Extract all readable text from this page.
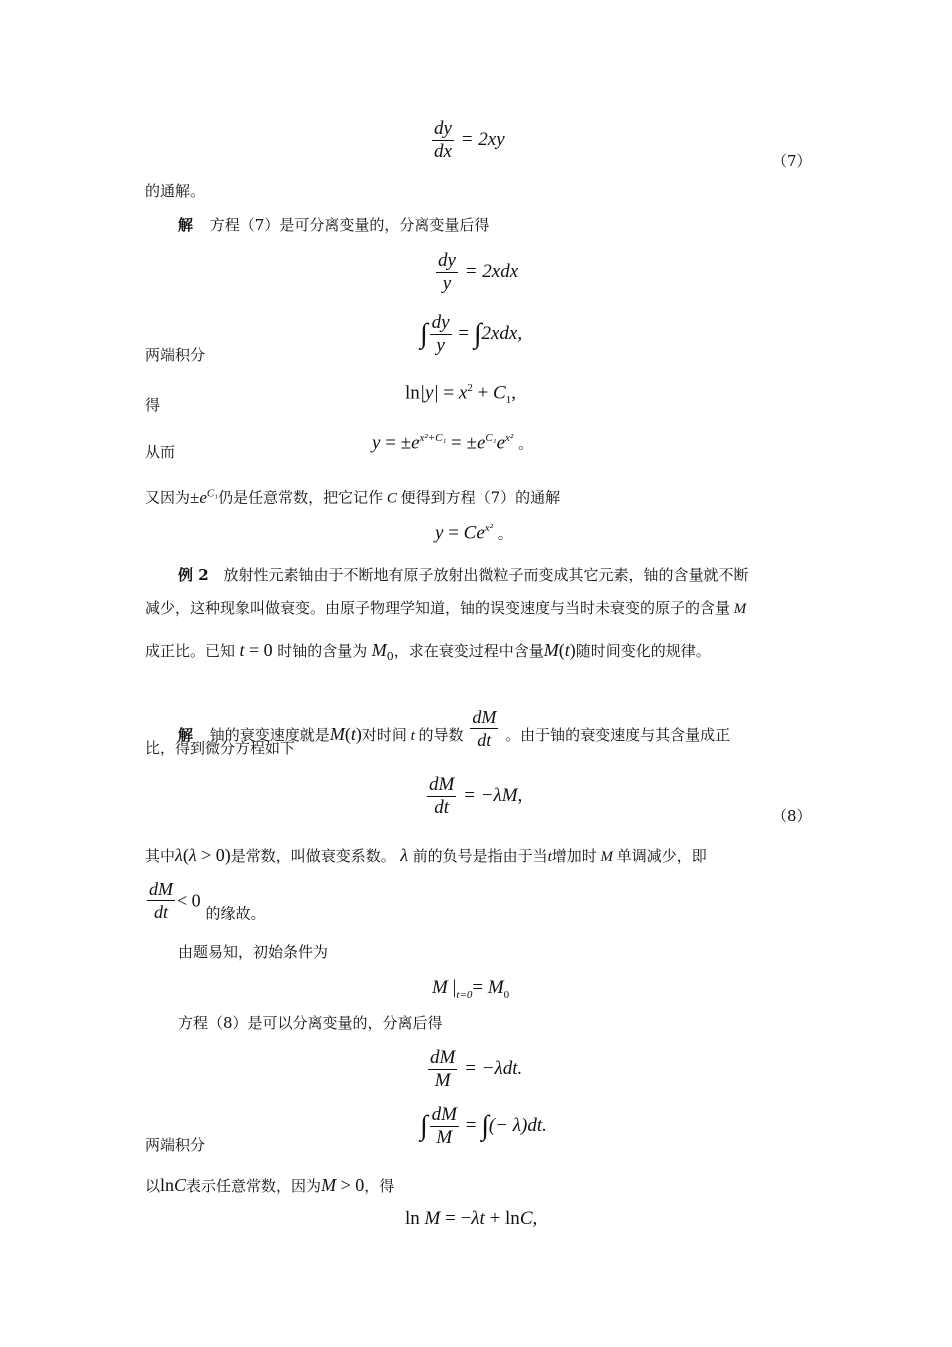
$\frac{dy}{dx} = 2xy$
（7）
的通解。
解 方程（7）是可分离变量的，分离变量后得
$\frac{dy}{y} = 2xdx$
两端积分
∫ $\frac{dy}{y} = \int 2xdx$,
得
$\ln|y| = x^2 + C_1$,
从而	$y = \pm e^{x^2+C_1} = \pm e^{C_1}e^{x^2}$ 。
又因为$\pm e^{C_1}$仍是任意常数，把它记作 C 便得到方程（7）的通解
$y = Ce^{x^2}$ 。
例 2 放射性元素铀由于不断地有原子放射出微粒子而变成其它元素，铀的含量就不断
减少，这种现象叫做衰变。由原子物理学知道，铀的误变速度与当时未衰变的原子的含量 M
成正比。已知 t = 0 时铀的含量为 $M_0$，求在衰变过程中含量M(t)随时间变化的规律。
解 铀的衰变速度就是M(t)对时间 t 的导数 $\frac{dM}{dt}$ 。由于铀的衰变速度与其含量成正
比，得到微分方程如下
$\frac{dM}{dt} = -\lambda M$,
（8）
其中λ(λ > 0)是常数，叫做衰变系数。 λ 前的负号是指由于当t增加时 M 单调减少，即
$\frac{dM}{dt} < 0$ 的缘故。
由题易知，初始条件为
M $|_{t=0}= M_0$
方程（8）是可以分离变量的，分离后得
$\frac{dM}{M} = -\lambda dt$.
两端积分
∫ $\frac{dM}{M}$ = ∫(− λ)dt.
以lnC表示任意常数，因为M > 0，得
ln M = −λt + lnC,
